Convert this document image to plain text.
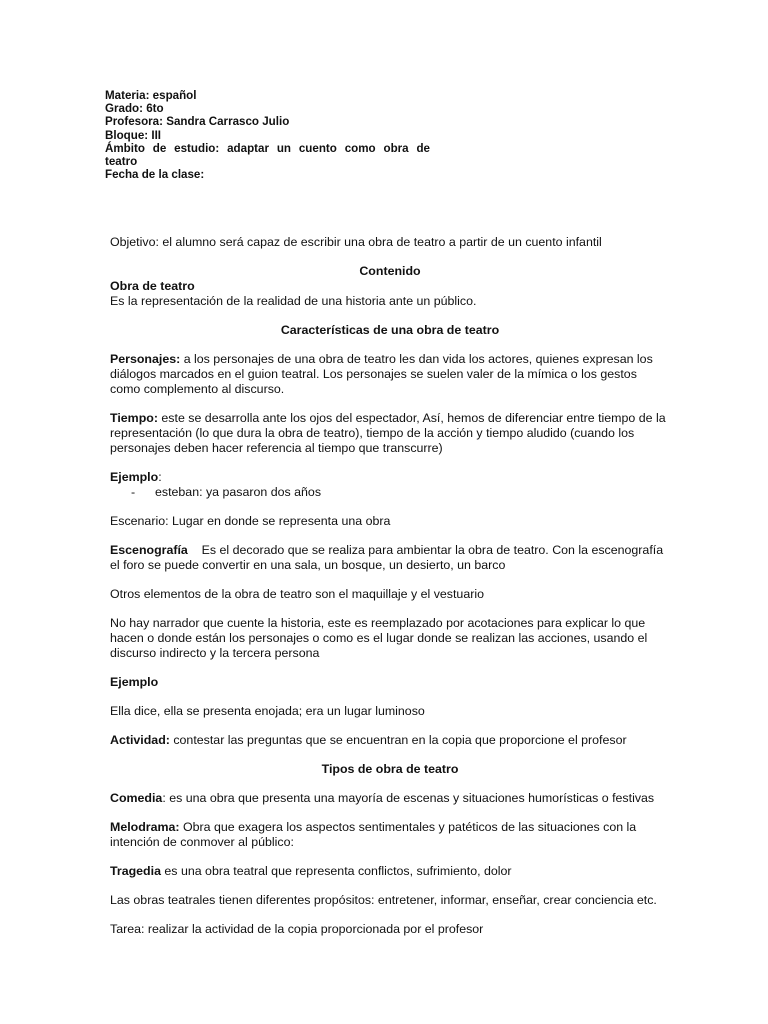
Materia: español
Grado: 6to
Profesora: Sandra Carrasco Julio
Bloque: III
Ámbito de estudio: adaptar un cuento como obra de
teatro
Fecha de la clase:

Objetivo: el alumno será capaz de escribir una obra de teatro a partir de un cuento infantil

Contenido

Obra de teatro
Es la representación de la realidad de una historia ante un público.

Características de una obra de teatro

Personajes: a los personajes de una obra de teatro les dan vida los actores, quienes expresan los diálogos marcados en el guion teatral. Los personajes se suelen valer de la mímica o los gestos como complemento al discurso.

Tiempo: este se desarrolla ante los ojos del espectador, Así, hemos de diferenciar entre tiempo de la representación (lo que dura la obra de teatro), tiempo de la acción y tiempo aludido (cuando los personajes deben hacer referencia al tiempo que transcurre)

Ejemplo:

-	esteban: ya pasaron dos años

Escenario: Lugar en donde se representa una obra

Escenografía    Es el decorado que se realiza para ambientar la obra de teatro. Con la escenografía el foro se puede convertir en una sala, un bosque, un desierto, un barco

Otros elementos de la obra de teatro son el maquillaje y el vestuario

No hay narrador que cuente la historia, este es reemplazado por acotaciones para explicar lo que hacen o donde están los personajes o como es el lugar donde se realizan las acciones, usando el discurso indirecto y la tercera persona

Ejemplo

Ella dice, ella se presenta enojada; era un lugar luminoso

Actividad: contestar las preguntas que se encuentran en la copia que proporcione el profesor

Tipos de obra de teatro

Comedia: es una obra que presenta una mayoría de escenas y situaciones humorísticas o festivas

Melodrama: Obra que exagera los aspectos sentimentales y patéticos de las situaciones con la intención de conmover al público:

Tragedia es una obra teatral que representa conflictos, sufrimiento, dolor

Las obras teatrales tienen diferentes propósitos: entretener, informar, enseñar, crear conciencia etc.

Tarea: realizar la actividad de la copia proporcionada por el profesor
